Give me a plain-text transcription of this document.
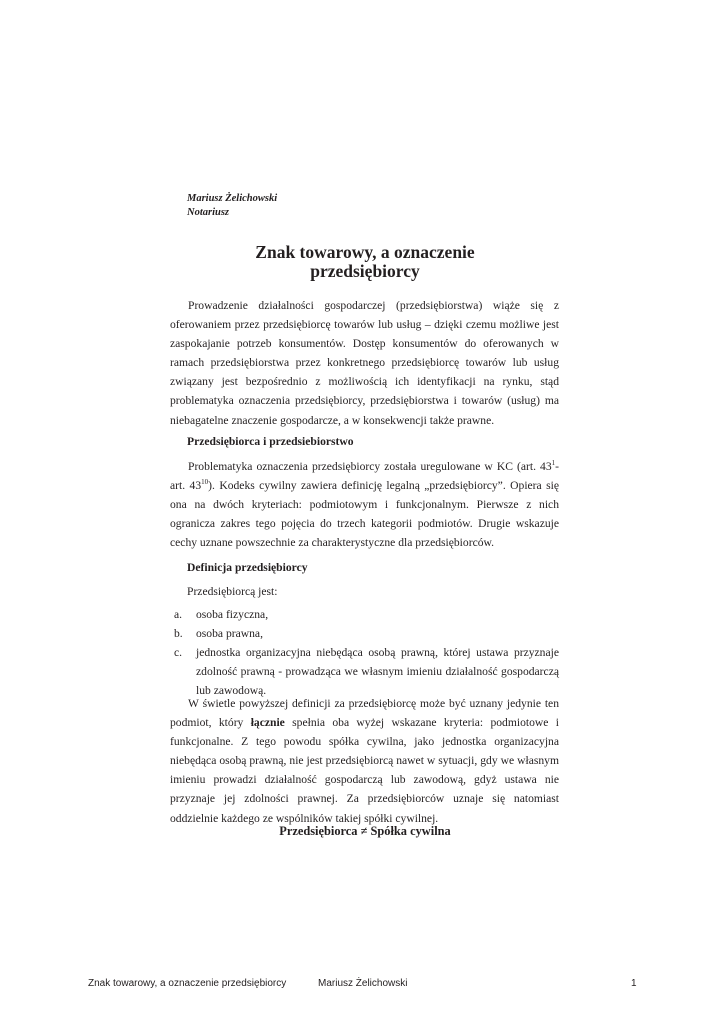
Mariusz Żelichowski
Notariusz
Znak towarowy, a oznaczenie
przedsiębiorcy

Prowadzenie działalności gospodarczej (przedsiębiorstwa) wiąże się z oferowaniem przez przedsiębiorcę towarów lub usług – dzięki czemu możliwe jest zaspokajanie potrzeb konsumentów. Dostęp konsumentów do oferowanych w ramach przedsiębiorstwa przez konkretnego przedsiębiorcę towarów lub usług związany jest bezpośrednio z możliwością ich identyfikacji na rynku, stąd problematyka oznaczenia przedsiębiorcy, przedsiębiorstwa i towarów (usług) ma niebagatelne znaczenie gospodarcze, a w konsekwencji także prawne.

Przedsiębiorca i przedsiebiorstwo

Problematyka oznaczenia przedsiębiorcy została uregulowane w KC (art. $43^1-$ art. $43^{10}$). Kodeks cywilny zawiera definicję legalną „przedsiębiorcy”. Opiera się ona na dwóch kryteriach: podmiotowym i funkcjonalnym. Pierwsze z nich ogranicza zakres tego pojęcia do trzech kategorii podmiotów. Drugie wskazuje cechy uznane powszechnie za charakterystyczne dla przedsiębiorców.

Definicja przedsiębiorcy
Przedsiębiorcą jest:
a. osoba fizyczna,
b. osoba prawna,
c. jednostka organizacyjna niebędąca osobą prawną, której ustawa przyznaje zdolność prawną - prowadząca we własnym imieniu działalność gospodarczą lub zawodową.

W świetle powyższej definicji za przedsiębiorcę może być uznany jedynie ten podmiot, który łącznie spełnia oba wyżej wskazane kryteria: podmiotowe i funkcjonalne. Z tego powodu spółka cywilna, jako jednostka organizacyjna niebędąca osobą prawną, nie jest przedsiębiorcą nawet w sytuacji, gdy we własnym imieniu prowadzi działalność gospodarczą lub zawodową, gdyż ustawa nie przyznaje jej zdolności prawnej. Za przedsiębiorców uznaje się natomiast oddzielnie każdego ze wspólników takiej spółki cywilnej.

Przedsiębiorca ≠ Spółka cywilna
Znak towarowy, a oznaczenie przedsiębiorcy	Mariusz Żelichowski	1
